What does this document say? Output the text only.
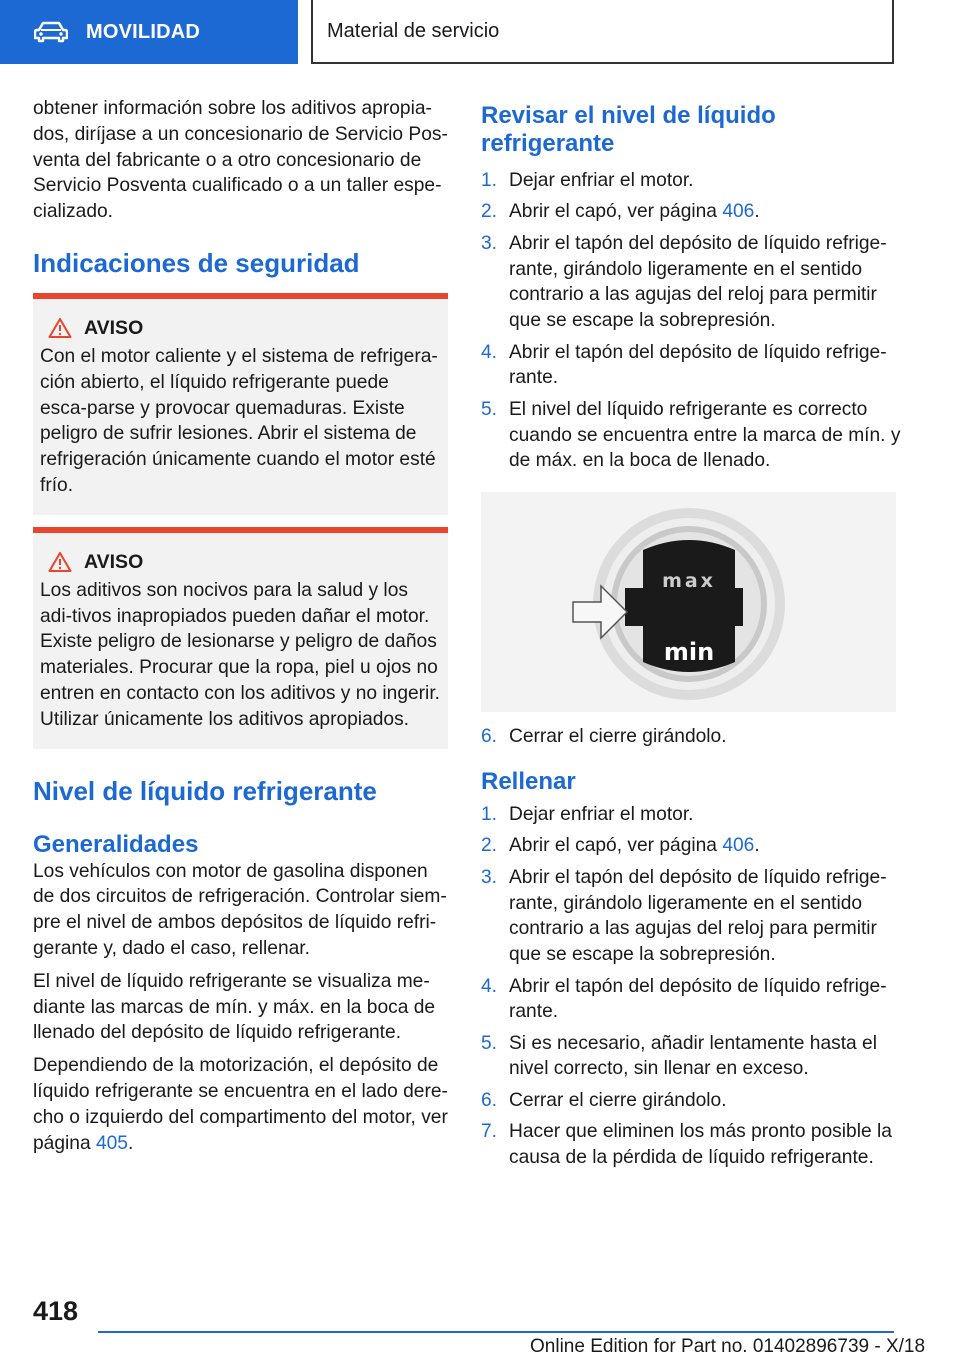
MOVILIDAD	Material de servicio

obtener información sobre los aditivos apropia-dos, diríjase a un concesionario de Servicio Pos-venta del fabricante o a otro concesionario de Servicio Posventa cualificado o a un taller espe-cializado.

Indicaciones de seguridad
AVISO

Con el motor caliente y el sistema de refrigera-ción abierto, el líquido refrigerante puede esca-parse y provocar quemaduras. Existe peligro de sufrir lesiones. Abrir el sistema de refrigeración únicamente cuando el motor esté frío.

AVISO

Los aditivos son nocivos para la salud y los adi-tivos inapropiados pueden dañar el motor. Existe peligro de lesionarse y peligro de daños materiales. Procurar que la ropa, piel u ojos no entren en contacto con los aditivos y no ingerir. Utilizar únicamente los aditivos apropiados.

Nivel de líquido refrigerante
Generalidades

Los vehículos con motor de gasolina disponen de dos circuitos de refrigeración. Controlar siem-pre el nivel de ambos depósitos de líquido refri-gerante y, dado el caso, rellenar.

El nivel de líquido refrigerante se visualiza me-diante las marcas de mín. y máx. en la boca de llenado del depósito de líquido refrigerante.

Dependiendo de la motorización, el depósito de líquido refrigerante se encuentra en el lado dere-cho o izquierdo del compartimento del motor, ver página 405.

Revisar el nivel de líquido refrigerante
1. Dejar enfriar el motor.
2. Abrir el capó, ver página 406.
3. Abrir el tapón del depósito de líquido refrige-rante, girándolo ligeramente en el sentido contrario a las agujas del reloj para permitir que se escape la sobrepresión.
4. Abrir el tapón del depósito de líquido refrige-rante.
5. El nivel del líquido refrigerante es correcto cuando se encuentra entre la marca de mín. y de máx. en la boca de llenado.
max
min
6. Cerrar el cierre girándolo.
Rellenar
1. Dejar enfriar el motor.
2. Abrir el capó, ver página 406.
3. Abrir el tapón del depósito de líquido refrige-rante, girándolo ligeramente en el sentido contrario a las agujas del reloj para permitir que se escape la sobrepresión.
4. Abrir el tapón del depósito de líquido refrige-rante.
5. Si es necesario, añadir lentamente hasta el nivel correcto, sin llenar en exceso.
6. Cerrar el cierre girándolo.
7. Hacer que eliminen los más pronto posible la causa de la pérdida de líquido refrigerante.
418
Online Edition for Part no. 01402896739 - X/18
